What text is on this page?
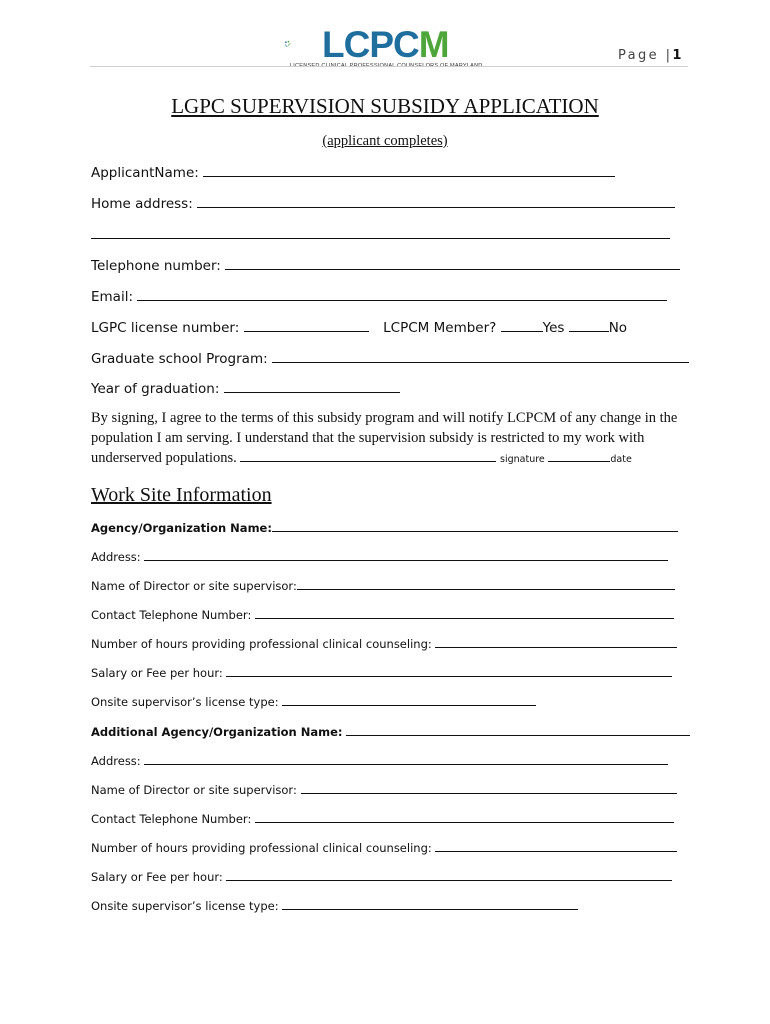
LCPCM
LICENSED CLINICAL PROFESSIONAL COUNSELORS OF MARYLAND
Page |1
LGPC SUPERVISION SUBSIDY APPLICATION
(applicant completes)
ApplicantName:
Home address:
Telephone number:
Email:
LGPC license number:	LCPCM Member?	Yes	No
Graduate school Program:
Year of graduation:
By signing, I agree to the terms of this subsidy program and will notify LCPCM of any change in the population I am serving. I understand that the supervision subsidy is restricted to my work with underserved populations.	signature	date
Work Site Information
Agency/Organization Name:
Address:
Name of Director or site supervisor:
Contact Telephone Number:
Number of hours providing professional clinical counseling:
Salary or Fee per hour:
Onsite supervisor’s license type:
Additional Agency/Organization Name:
Address:
Name of Director or site supervisor:
Contact Telephone Number:
Number of hours providing professional clinical counseling:
Salary or Fee per hour:
Onsite supervisor’s license type:
